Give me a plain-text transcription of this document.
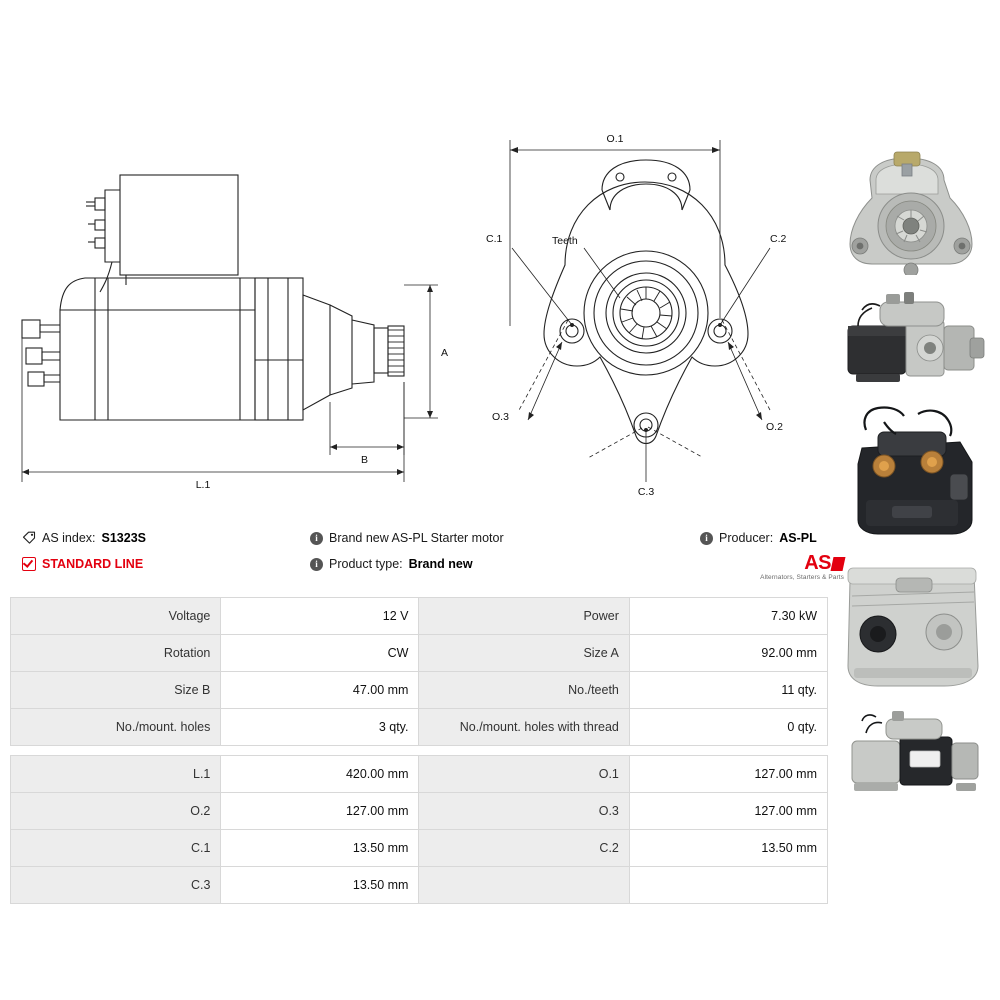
A
B
L.1
O.1
O.2
O.3
C.1	C.2
C.3
Teeth
AS index: S1323S
STANDARD LINE
i Brand new AS-PL Starter motor
i Product type: Brand new
i Producer: AS-PL
AS
Alternators, Starters & Parts
Voltage	12 V	Power	7.30 kW
Rotation	CW	Size A	92.00 mm
Size B	47.00 mm	No./teeth	11 qty.
No./mount. holes	3 qty.	No./mount. holes with thread	0 qty.

L.1	420.00 mm	O.1	127.00 mm
O.2	127.00 mm	O.3	127.00 mm
C.1	13.50 mm	C.2	13.50 mm
C.3	13.50 mm		
